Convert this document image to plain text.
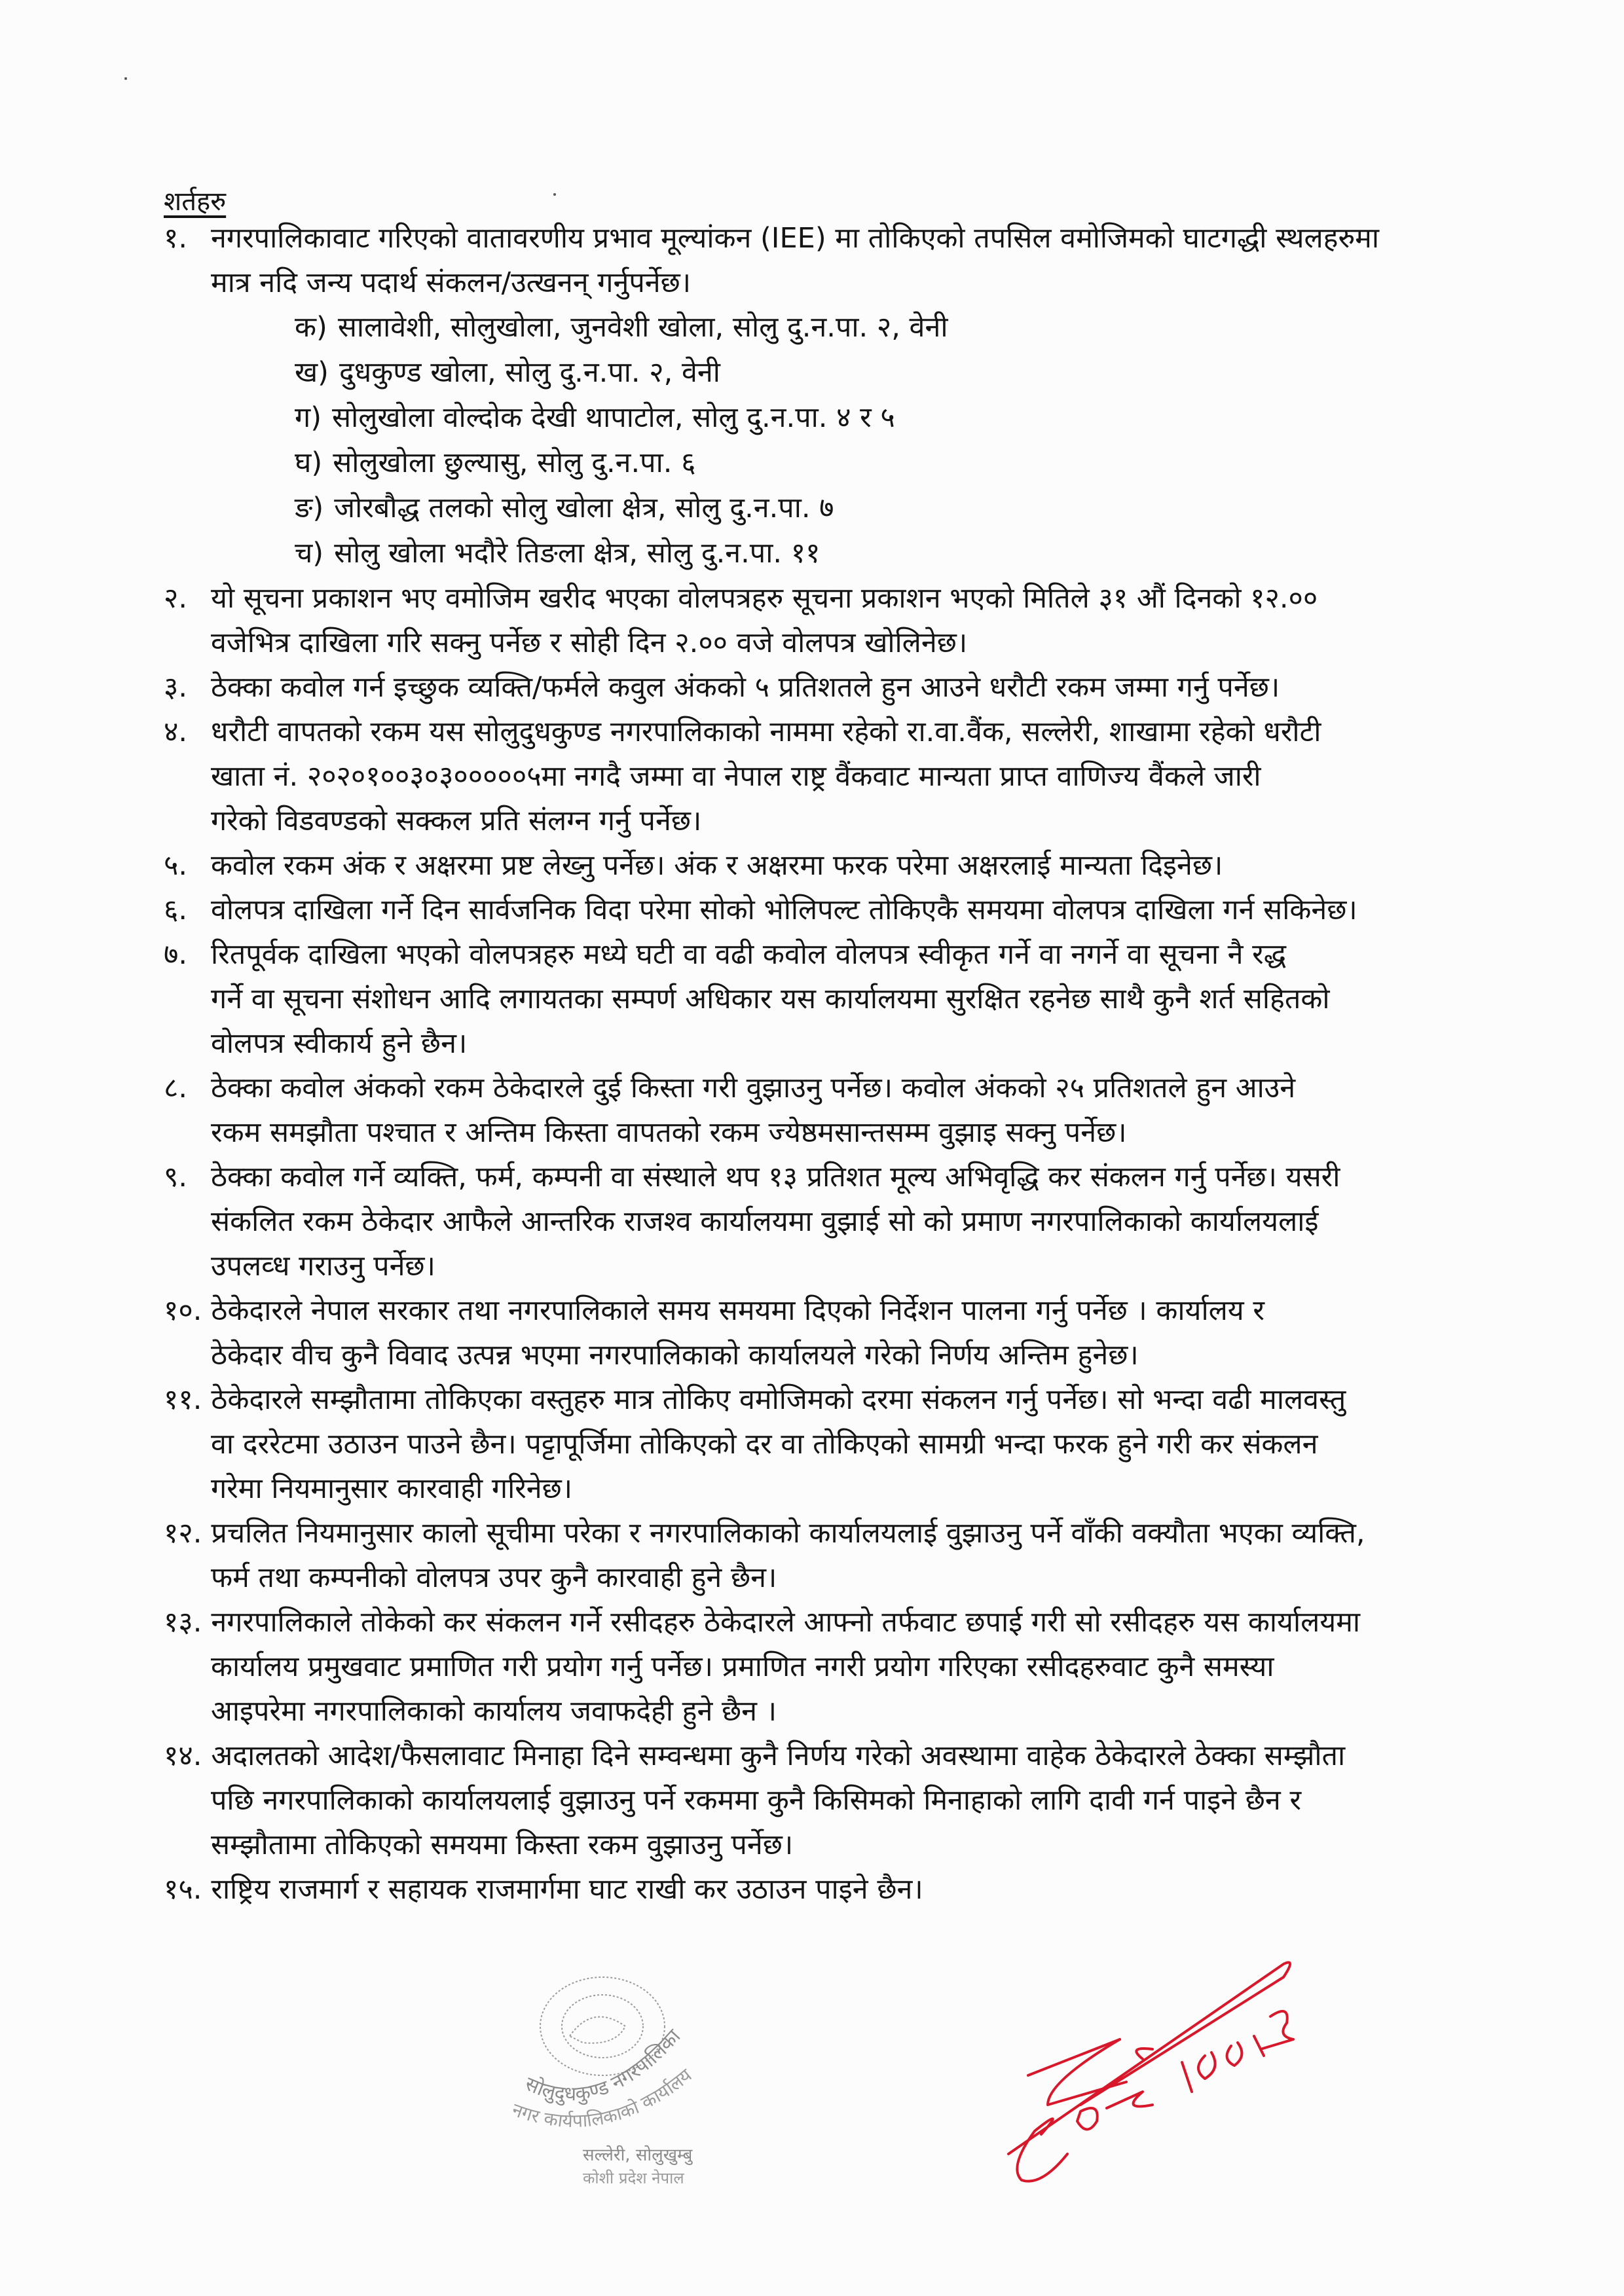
शर्तहरु
१. नगरपालिकावाट गरिएको वातावरणीय प्रभाव मूल्यांकन (IEE) मा तोकिएको तपसिल वमोजिमको घाटगद्धी स्थलहरुमा
मात्र नदि जन्य पदार्थ संकलन/उत्खनन् गर्नुपर्नेछ।
क) सालावेशी, सोलुखोला, जुनवेशी खोला, सोलु दु.न.पा. २, वेनी
ख) दुधकुण्ड खोला, सोलु दु.न.पा. २, वेनी
ग) सोलुखोला वोल्दोक देखी थापाटोल, सोलु दु.न.पा. ४ र ५
घ) सोलुखोला छुल्यासु, सोलु दु.न.पा. ६
ङ) जोरबौद्ध तलको सोलु खोला क्षेत्र, सोलु दु.न.पा. ७
च) सोलु खोला भदौरे तिङला क्षेत्र, सोलु दु.न.पा. ११
२. यो सूचना प्रकाशन भए वमोजिम खरीद भएका वोलपत्रहरु सूचना प्रकाशन भएको मितिले ३१ औं दिनको १२.००
वजेभित्र दाखिला गरि सक्नु पर्नेछ र सोही दिन २.०० वजे वोलपत्र खोलिनेछ।
३. ठेक्का कवोल गर्न इच्छुक व्यक्ति/फर्मले कवुल अंकको ५ प्रतिशतले हुन आउने धरौटी रकम जम्मा गर्नु पर्नेछ।
४. धरौटी वापतको रकम यस सोलुदुधकुण्ड नगरपालिकाको नाममा रहेको रा.वा.वैंक, सल्लेरी, शाखामा रहेको धरौटी
खाता नं. २०२०१००३०३०००००५मा नगदै जम्मा वा नेपाल राष्ट्र वैंकवाट मान्यता प्राप्त वाणिज्य वैंकले जारी
गरेको विडवण्डको सक्कल प्रति संलग्न गर्नु पर्नेछ।
५. कवोल रकम अंक र अक्षरमा प्रष्ट लेख्नु पर्नेछ। अंक र अक्षरमा फरक परेमा अक्षरलाई मान्यता दिइनेछ।
६. वोलपत्र दाखिला गर्ने दिन सार्वजनिक विदा परेमा सोको भोलिपल्ट तोकिएकै समयमा वोलपत्र दाखिला गर्न सकिनेछ।
७. रितपूर्वक दाखिला भएको वोलपत्रहरु मध्ये घटी वा वढी कवोल वोलपत्र स्वीकृत गर्ने वा नगर्ने वा सूचना नै रद्ध
गर्ने वा सूचना संशोधन आदि लगायतका सम्पर्ण अधिकार यस कार्यालयमा सुरक्षित रहनेछ साथै कुनै शर्त सहितको
वोलपत्र स्वीकार्य हुने छैन।
८. ठेक्का कवोल अंकको रकम ठेकेदारले दुई किस्ता गरी वुझाउनु पर्नेछ। कवोल अंकको २५ प्रतिशतले हुन आउने
रकम समझौता पश्चात र अन्तिम किस्ता वापतको रकम ज्येष्ठमसान्तसम्म वुझाइ सक्नु पर्नेछ।
९. ठेक्का कवोल गर्ने व्यक्ति, फर्म, कम्पनी वा संस्थाले थप १३ प्रतिशत मूल्य अभिवृद्धि कर संकलन गर्नु पर्नेछ। यसरी
संकलित रकम ठेकेदार आफैले आन्तरिक राजश्व कार्यालयमा वुझाई सो को प्रमाण नगरपालिकाको कार्यालयलाई
उपलव्ध गराउनु पर्नेछ।
१०. ठेकेदारले नेपाल सरकार तथा नगरपालिकाले समय समयमा दिएको निर्देशन पालना गर्नु पर्नेछ । कार्यालय र
ठेकेदार वीच कुनै विवाद उत्पन्न भएमा नगरपालिकाको कार्यालयले गरेको निर्णय अन्तिम हुनेछ।
११. ठेकेदारले सम्झौतामा तोकिएका वस्तुहरु मात्र तोकिए वमोजिमको दरमा संकलन गर्नु पर्नेछ। सो भन्दा वढी मालवस्तु
वा दररेटमा उठाउन पाउने छैन। पट्टापूर्जिमा तोकिएको दर वा तोकिएको सामग्री भन्दा फरक हुने गरी कर संकलन
गरेमा नियमानुसार कारवाही गरिनेछ।
१२. प्रचलित नियमानुसार कालो सूचीमा परेका र नगरपालिकाको कार्यालयलाई वुझाउनु पर्ने वाँकी वक्यौता भएका व्यक्ति,
फर्म तथा कम्पनीको वोलपत्र उपर कुनै कारवाही हुने छैन।
१३. नगरपालिकाले तोकेको कर संकलन गर्ने रसीदहरु ठेकेदारले आफ्नो तर्फवाट छपाई गरी सो रसीदहरु यस कार्यालयमा
कार्यालय प्रमुखवाट प्रमाणित गरी प्रयोग गर्नु पर्नेछ। प्रमाणित नगरी प्रयोग गरिएका रसीदहरुवाट कुनै समस्या
आइपरेमा नगरपालिकाको कार्यालय जवाफदेही हुने छैन ।
१४. अदालतको आदेश/फैसलावाट मिनाहा दिने सम्वन्धमा कुनै निर्णय गरेको अवस्थामा वाहेक ठेकेदारले ठेक्का सम्झौता
पछि नगरपालिकाको कार्यालयलाई वुझाउनु पर्ने रकममा कुनै किसिमको मिनाहाको लागि दावी गर्न पाइने छैन र
सम्झौतामा तोकिएको समयमा किस्ता रकम वुझाउनु पर्नेछ।
१५. राष्ट्रिय राजमार्ग र सहायक राजमार्गमा घाट राखी कर उठाउन पाइने छैन।
सोलुदुधकुण्ड नगरपालिका
नगर कार्यपालिकाको कार्यालय
सल्लेरी, सोलुखुम्बु
कोशी प्रदेश नेपाल
